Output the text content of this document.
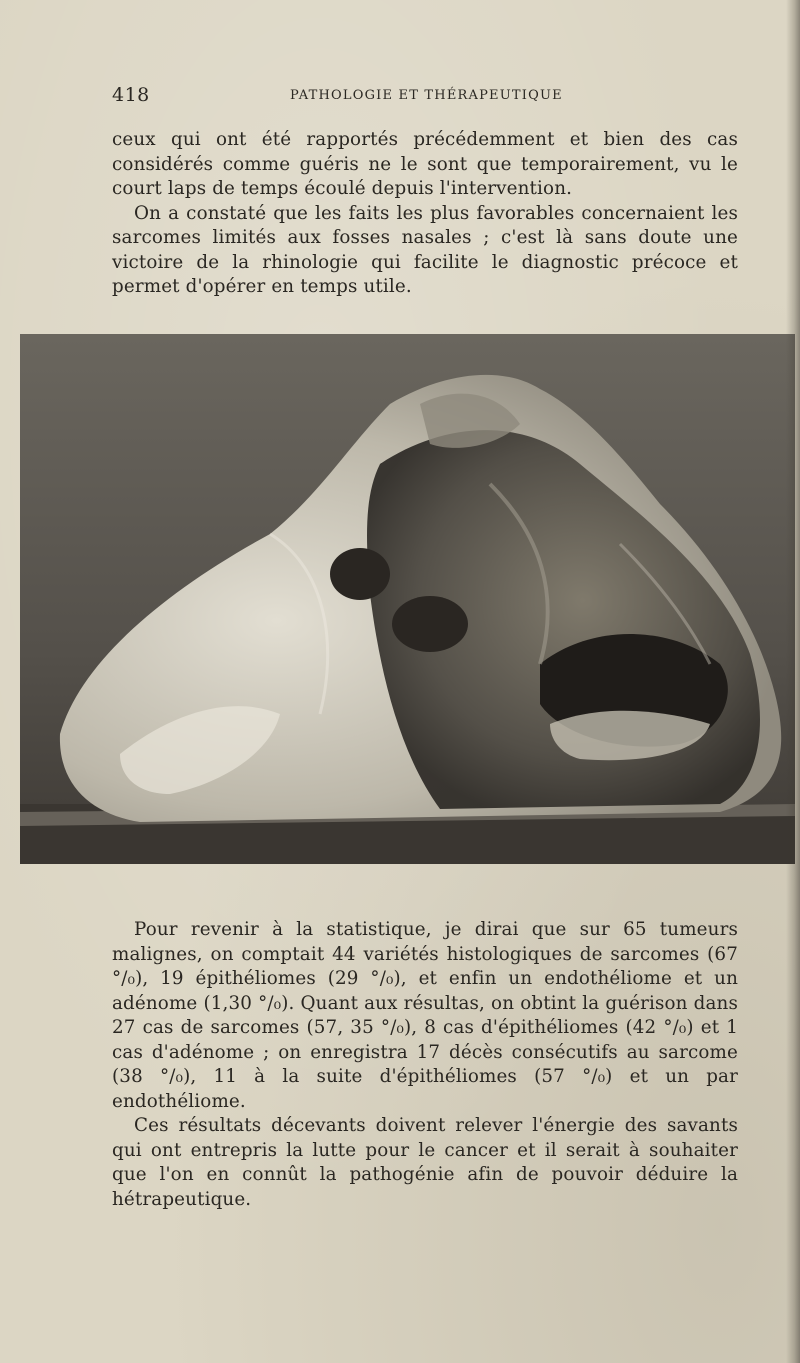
418	PATHOLOGIE ET THÉRAPEUTIQUE

ceux qui ont été rapportés précédemment et bien des cas considérés comme guéris ne le sont que temporairement, vu le court laps de temps écoulé depuis l'intervention.

On a constaté que les faits les plus favorables concernaient les sarcomes limités aux fosses nasales ; c'est là sans doute une victoire de la rhinologie qui facilite le diagnostic précoce et permet d'opérer en temps utile.

Pour revenir à la statistique, je dirai que sur 65 tumeurs malignes, on comptait 44 variétés histologiques de sarcomes (67 °/₀), 19 épithéliomes (29 °/₀), et enfin un endothéliome et un adénome (1,30 °/₀). Quant aux résultas, on obtint la guérison dans 27 cas de sarcomes (57, 35 °/₀), 8 cas d'épithéliomes (42 °/₀) et 1 cas d'adénome ; on enregistra 17 décès consécutifs au sarcome (38 °/₀), 11 à la suite d'épithéliomes (57 °/₀) et un par endothéliome.

Ces résultats décevants doivent relever l'énergie des savants qui ont entrepris la lutte pour le cancer et il serait à souhaiter que l'on en connût la pathogénie afin de pouvoir déduire la hétrapeutique.
